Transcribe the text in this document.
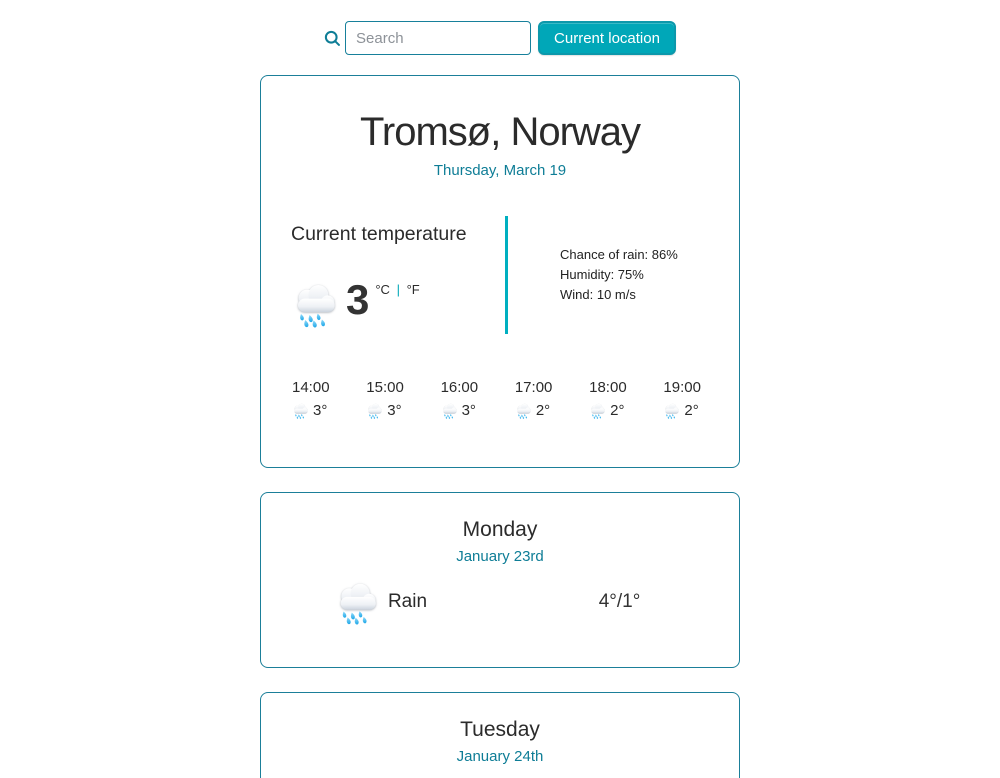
Search
Current location
Tromsø, Norway
Thursday, March 19
Current temperature
3 °C | °F
Chance of rain: 86%
Humidity: 75%
Wind: 10 m/s
14:00
3°
15:00
3°
16:00
3°
17:00
2°
18:00
2°
19:00
2°
Monday
January 23rd
Rain	4°/1°
Tuesday
January 24th
